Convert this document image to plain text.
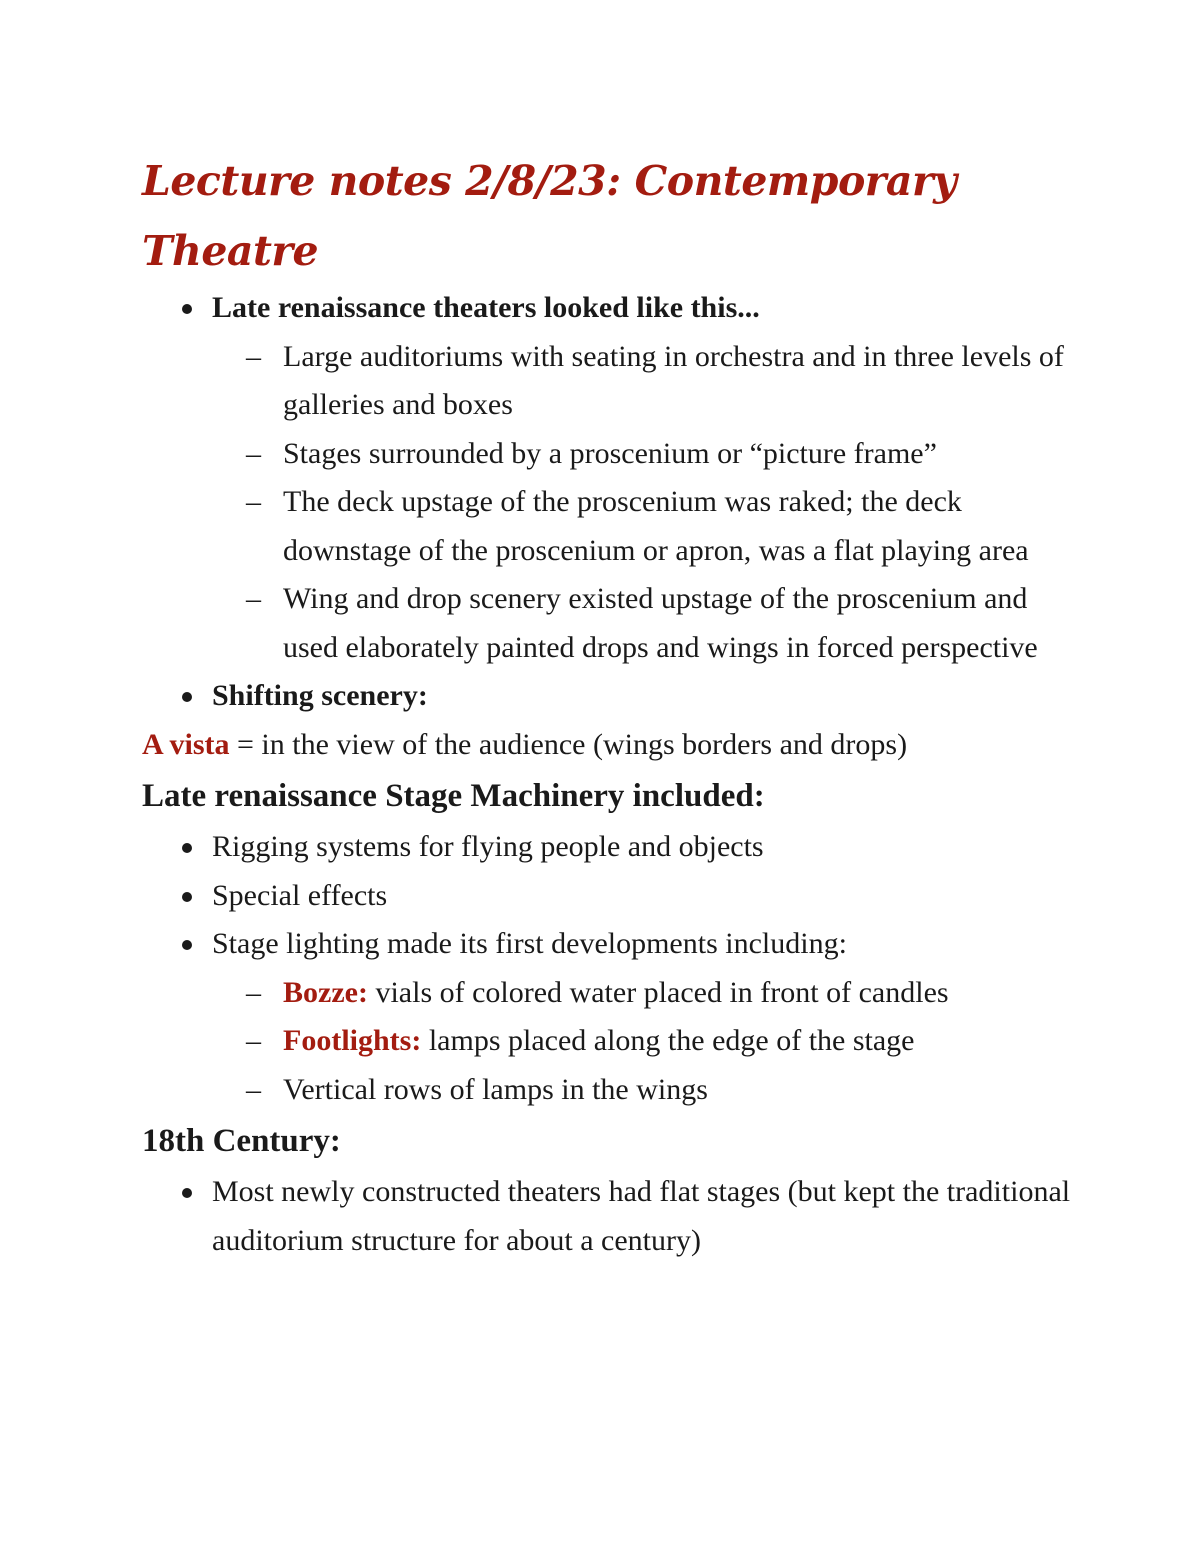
Lecture notes 2/8/23: Contemporary Theatre
Late renaissance theaters looked like this...
– Large auditoriums with seating in orchestra and in three levels of galleries and boxes
– Stages surrounded by a proscenium or “picture frame”
– The deck upstage of the proscenium was raked; the deck downstage of the proscenium or apron, was a flat playing area
– Wing and drop scenery existed upstage of the proscenium and used elaborately painted drops and wings in forced perspective
Shifting scenery:

A vista = in the view of the audience (wings borders and drops)

Late renaissance Stage Machinery included:
Rigging systems for flying people and objects
Special effects
Stage lighting made its first developments including:
– Bozze: vials of colored water placed in front of candles
– Footlights: lamps placed along the edge of the stage
– Vertical rows of lamps in the wings
18th Century:
Most newly constructed theaters had flat stages (but kept the traditional auditorium structure for about a century)
